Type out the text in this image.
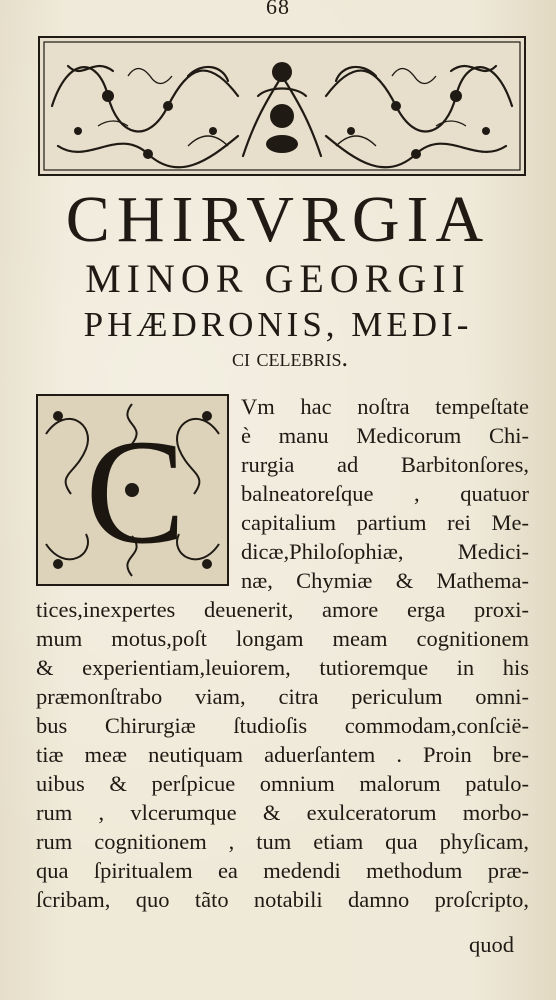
68
CHIRVRGIA
MINOR GEORGII
PHÆDRONIS, MEDI-
ci celebris.
C
Vm hac noſtra tempeſtate
è manu Medicorum Chi-
rurgia ad Barbitonſores,
balneatoreſque , quatuor
capitalium partium rei Me-
dicæ,Philoſophiæ, Medici-
næ, Chymiæ & Mathema-
tices,inexpertes deuenerit, amore erga proxi-
mum motus,poſt longam meam cognitionem
& experientiam,leuiorem, tutioremque in his
præmonſtrabo viam, citra periculum omni-
bus Chirurgiæ ſtudioſis commodam,conſcië-
tiæ meæ neutiquam aduerſantem . Proin bre-
uibus & perſpicue omnium malorum patulo-
rum , vlcerumque & exulceratorum morbo-
rum cognitionem , tum etiam qua phyſicam,
qua ſpiritualem ea medendi methodum præ-
ſcribam, quo tãto notabili damno proſcripto,
quod
